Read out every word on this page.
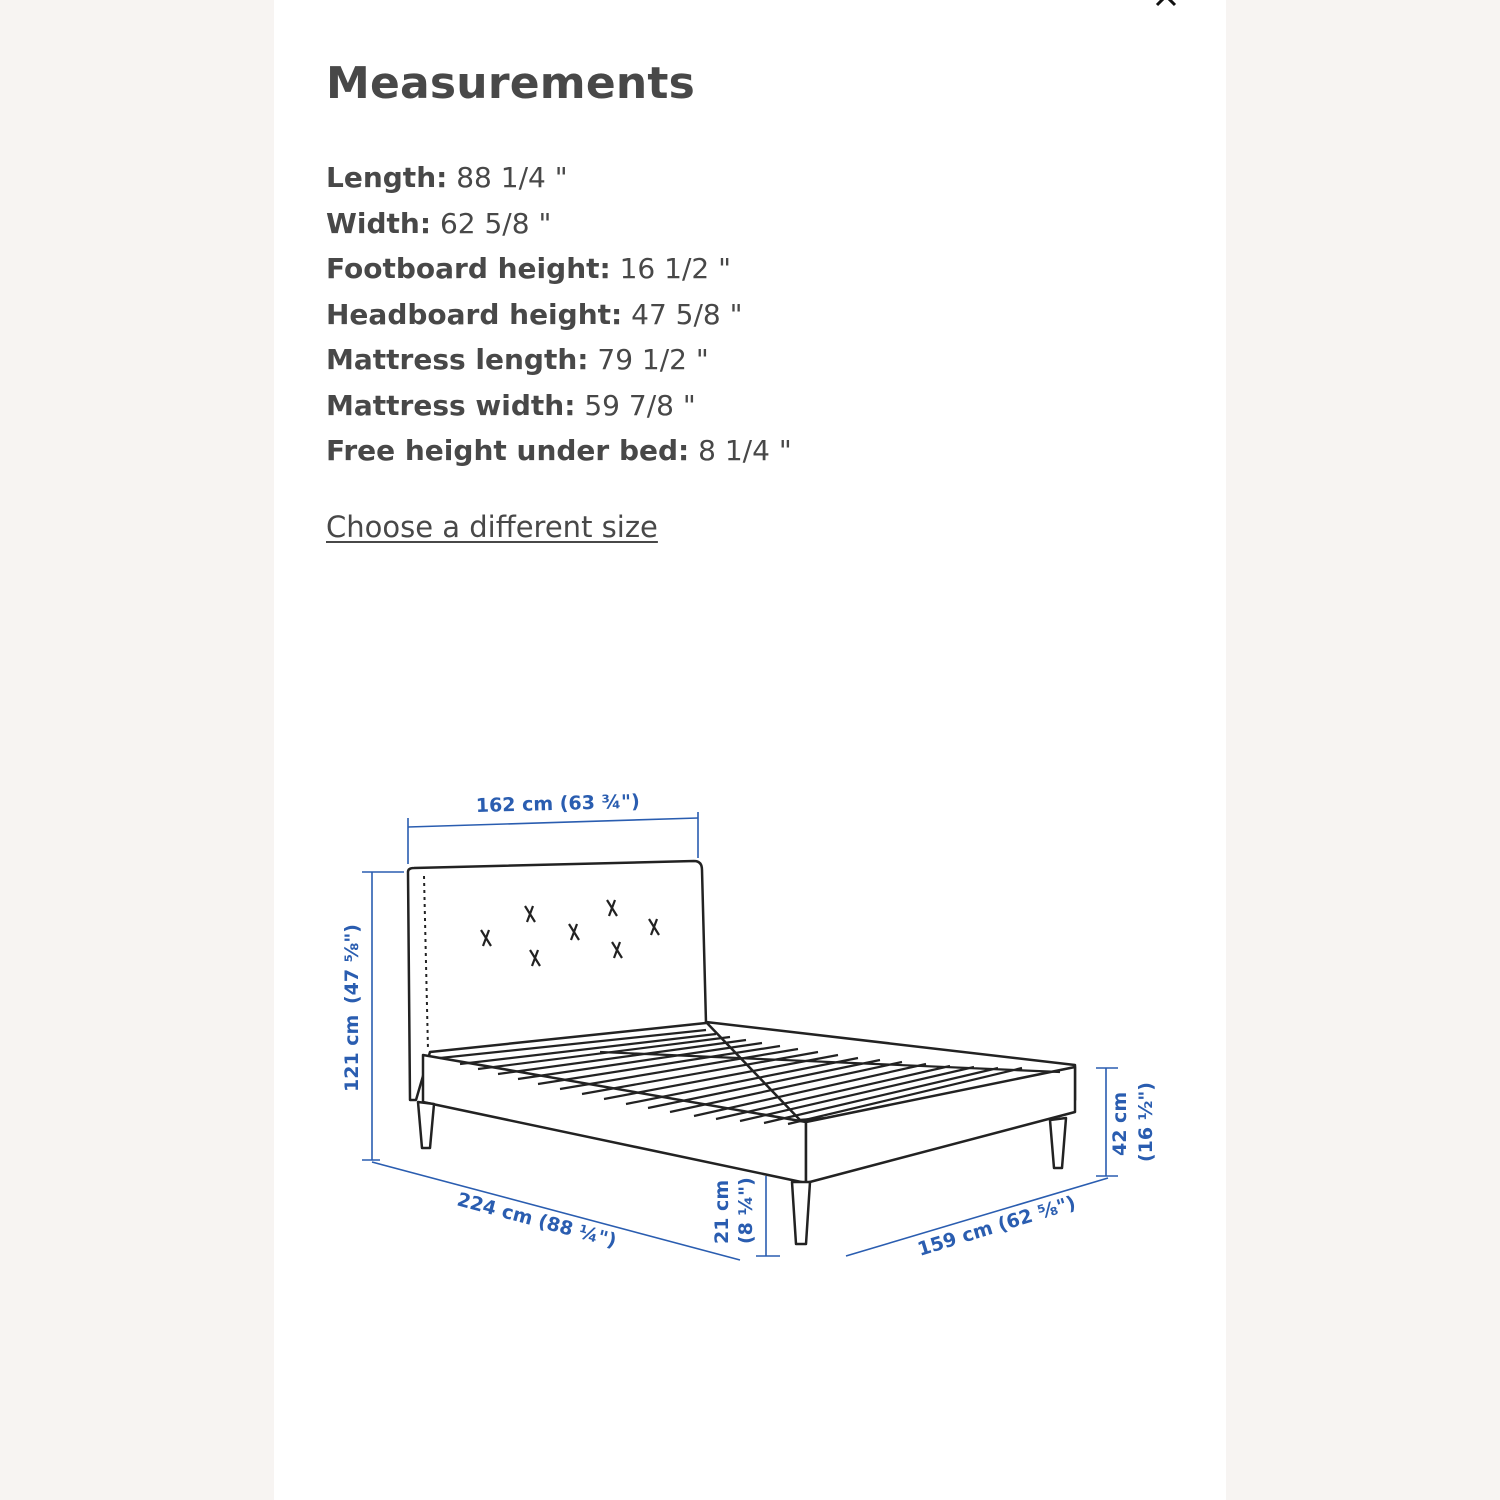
Measurements
Length: 88 1/4 "
Width: 62 5/8 "
Footboard height: 16 1/2 "
Headboard height: 47 5/8 "
Mattress length: 79 1/2 "
Mattress width: 59 7/8 "
Free height under bed: 8 1/4 "
Choose a different size
162 cm (63 ¾")
121 cm
(47 ⅝")
224 cm (88 ¼")	21 cm (8 ¼")	159 cm (62 ⅝")
42 cm (16 ½")
